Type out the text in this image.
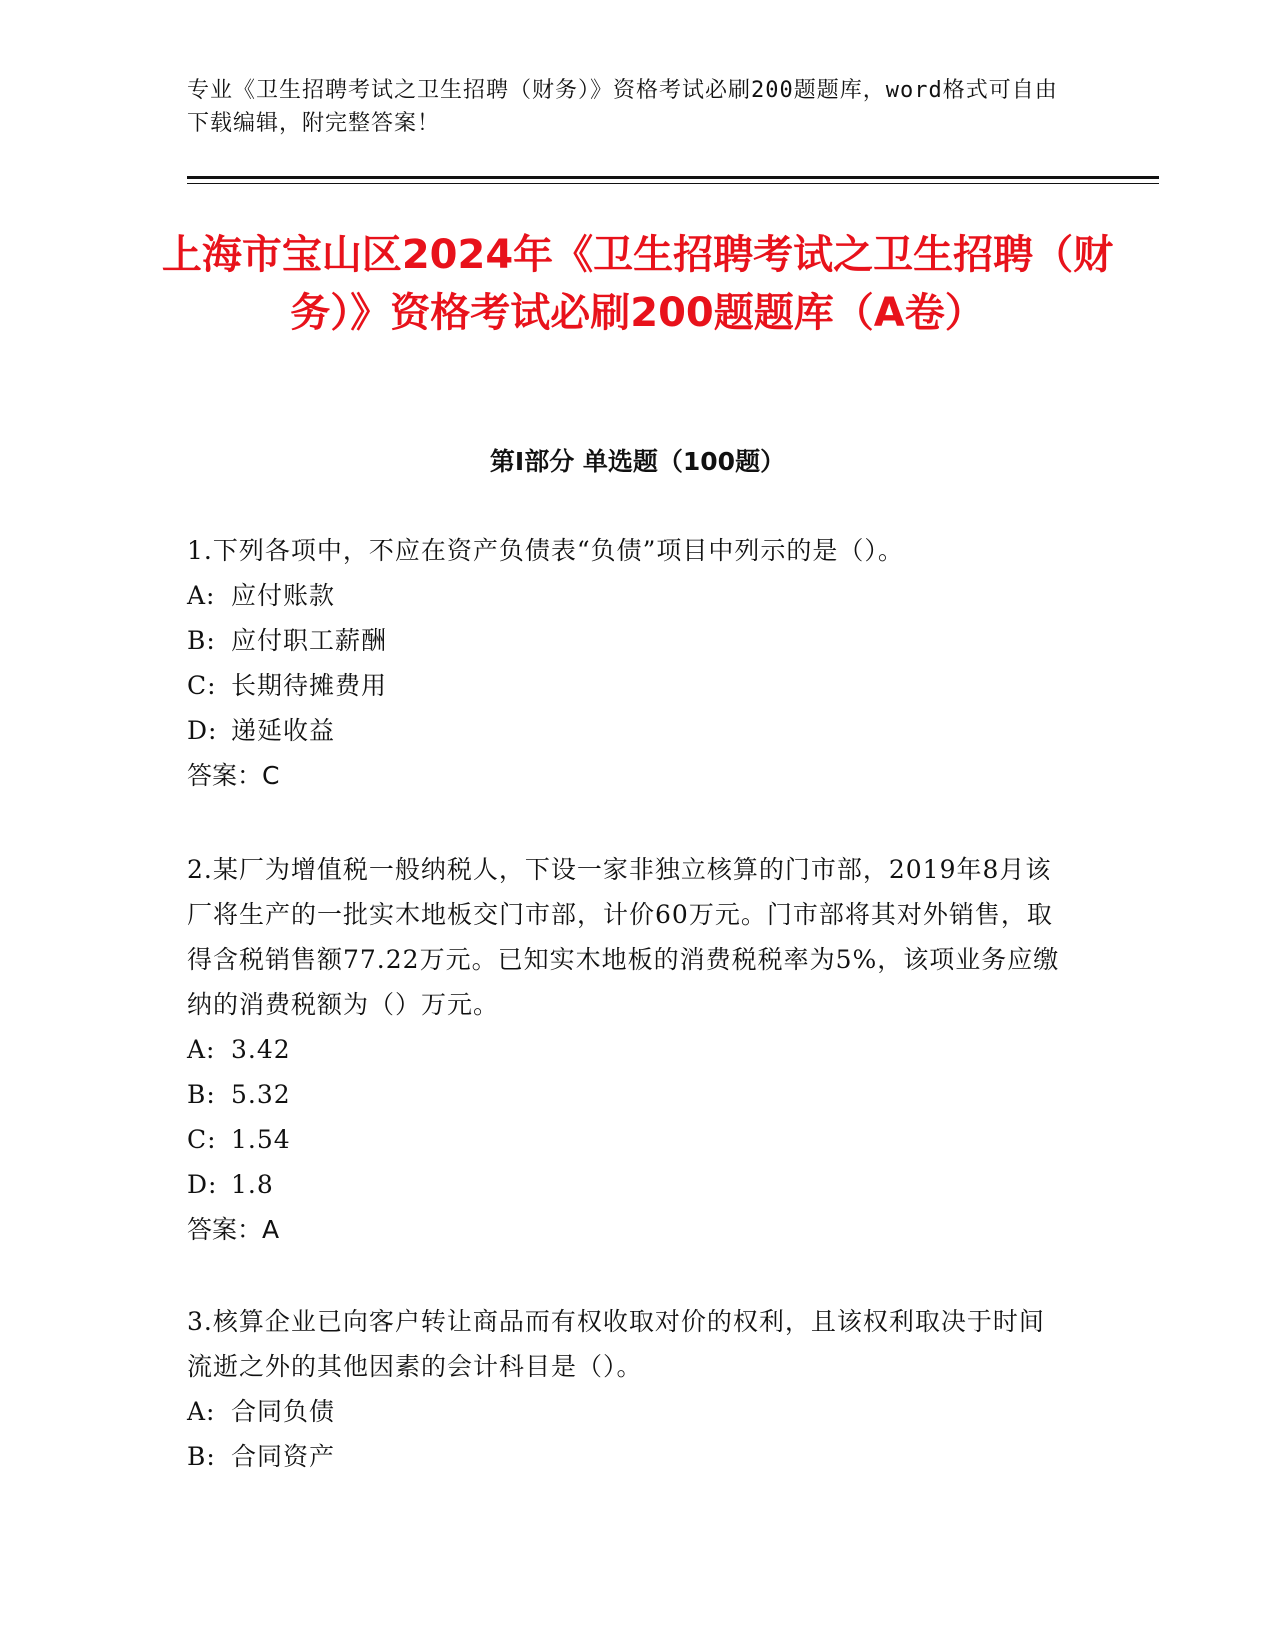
专业《卫生招聘考试之卫生招聘（财务）》资格考试必刷200题题库，word格式可自由下载编辑，附完整答案！
上海市宝山区2024年《卫生招聘考试之卫生招聘（财务）》资格考试必刷200题题库（A卷）
第Ⅰ部分 单选题（100题）
1.下列各项中，不应在资产负债表“负债”项目中列示的是（）。
A: 应付账款
B: 应付职工薪酬
C: 长期待摊费用
D: 递延收益
答案：C
2.某厂为增值税一般纳税人，下设一家非独立核算的门市部，2019年8月该厂将生产的一批实木地板交门市部，计价60万元。门市部将其对外销售，取得含税销售额77.22万元。已知实木地板的消费税税率为5%，该项业务应缴纳的消费税额为（）万元。
A: 3.42
B: 5.32
C: 1.54
D: 1.8
答案：A
3.核算企业已向客户转让商品而有权收取对价的权利，且该权利取决于时间流逝之外的其他因素的会计科目是（）。
A: 合同负债
B: 合同资产
